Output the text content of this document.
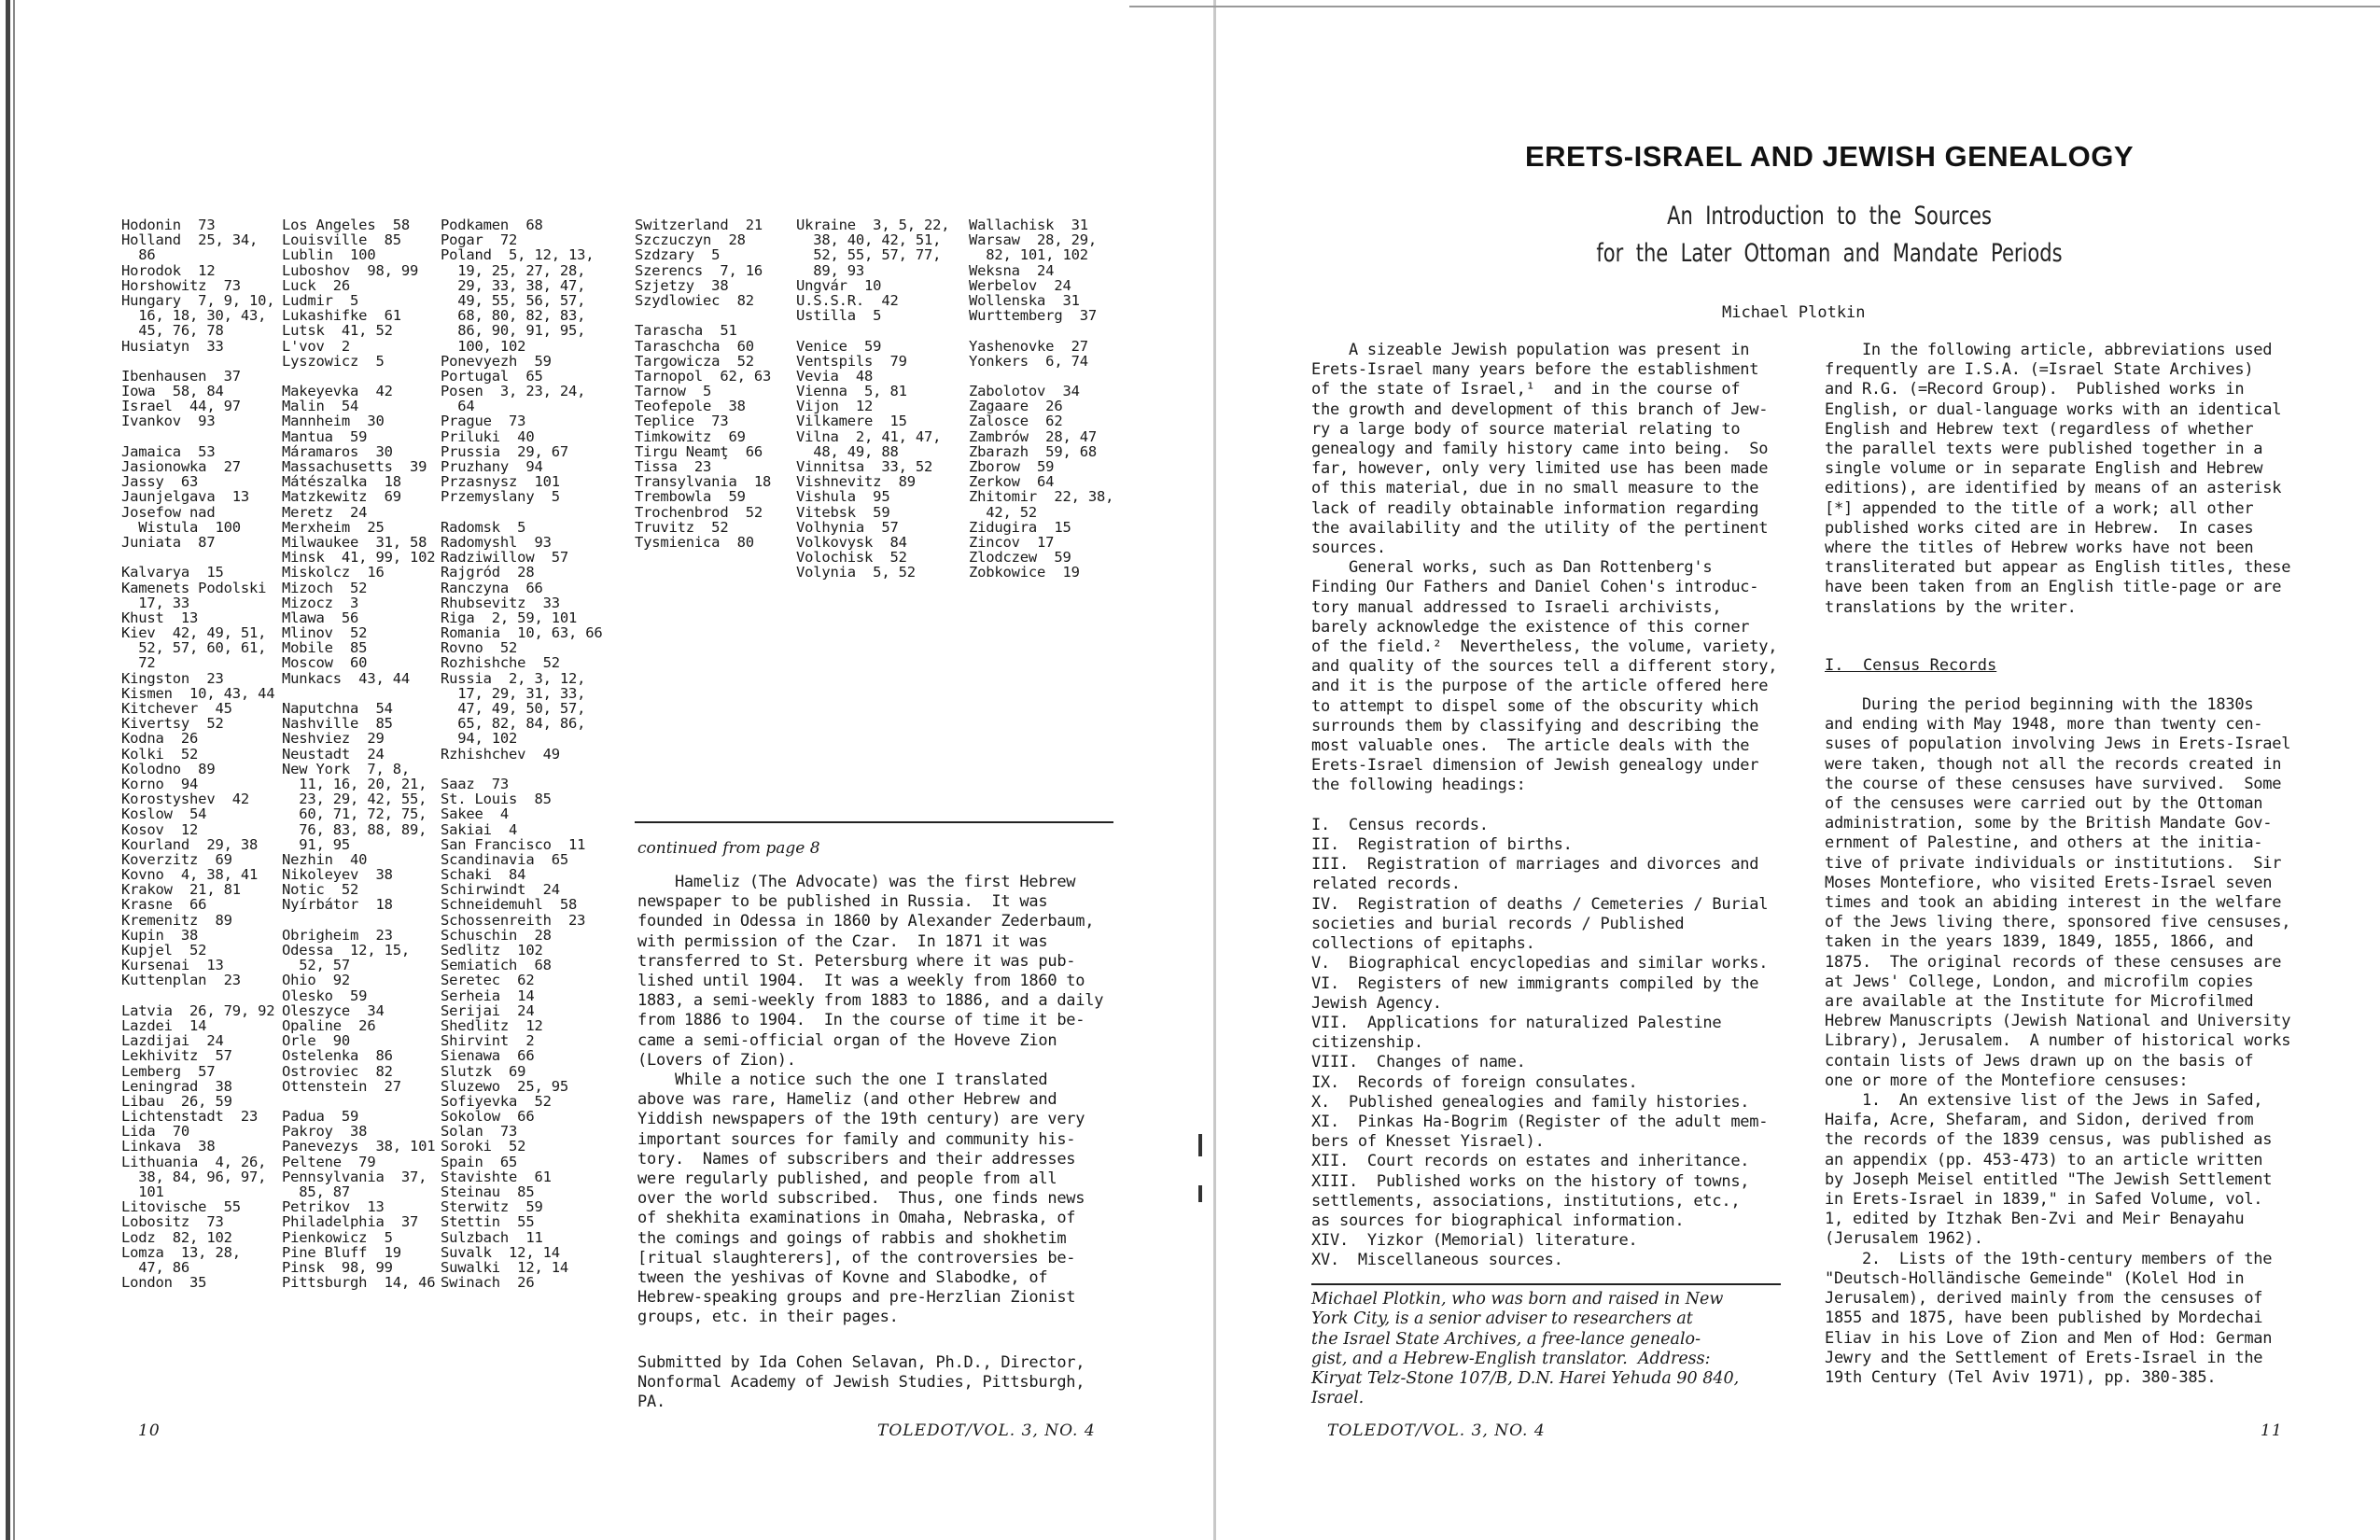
Hodonin  73
Holland  25, 34,
86
Horodok  12
Horshowitz  73
Hungary  7, 9, 10,
16, 18, 30, 43,
45, 76, 78
Husiatyn  33

Ibenhausen  37
Iowa  58, 84
Israel  44, 97
Ivankov  93

Jamaica  53
Jasionowka  27
Jassy  63
Jaunjelgava  13
Josefow nad
Wistula  100
Juniata  87

Kalvarya  15
Kamenets Podolski
17, 33
Khust  13
Kiev  42, 49, 51,
52, 57, 60, 61,
72
Kingston  23
Kismen  10, 43, 44
Kitchever  45
Kivertsy  52
Kodna  26
Kolki  52
Kolodno  89
Korno  94
Korostyshev  42
Koslow  54
Kosov  12
Kourland  29, 38
Koverzitz  69
Kovno  4, 38, 41
Krakow  21, 81
Krasne  66
Kremenitz  89
Kupin  38
Kupjel  52
Kursenai  13
Kuttenplan  23

Latvia  26, 79, 92
Lazdei  14
Lazdijai  24
Lekhivitz  57
Lemberg  57
Leningrad  38
Libau  26, 59
Lichtenstadt  23
Lida  70
Linkava  38
Lithuania  4, 26,
38, 84, 96, 97,
101
Litovische  55
Lobositz  73
Lodz  82, 102
Lomza  13, 28,
47, 86
London  35
Los Angeles  58
Louisville  85
Lublin  100
Luboshov  98, 99
Luck  26
Ludmir  5
Lukashifke  61
Lutsk  41, 52
L'vov  2
Lyszowicz  5

Makeyevka  42
Malin  54
Mannheim  30
Mantua  59
Máramaros  30
Massachusetts  39
Mátészalka  18
Matzkewitz  69
Meretz  24
Merxheim  25
Milwaukee  31, 58
Minsk  41, 99, 102
Miskolcz  16
Mizoch  52
Mizocz  3
Mlawa  56
Mlinov  52
Mobile  85
Moscow  60
Munkacs  43, 44

Naputchna  54
Nashville  85
Neshviez  29
Neustadt  24
New York  7, 8,
11, 16, 20, 21,
23, 29, 42, 55,
60, 71, 72, 75,
76, 83, 88, 89,
91, 95
Nezhin  40
Nikoleyev  38
Notic  52
Nyírbátor  18

Obrigheim  23
Odessa  12, 15,
52, 57
Ohio  92
Olesko  59
Oleszyce  34
Opaline  26
Orle  90
Ostelenka  86
Ostroviec  82
Ottenstein  27

Padua  59
Pakroy  38
Panevezys  38, 101
Peltene  79
Pennsylvania  37,
85, 87
Petrikov  13
Philadelphia  37
Pienkowicz  5
Pine Bluff  19
Pinsk  98, 99
Pittsburgh  14, 46
Podkamen  68
Pogar  72
Poland  5, 12, 13,
19, 25, 27, 28,
29, 33, 38, 47,
49, 55, 56, 57,
68, 80, 82, 83,
86, 90, 91, 95,
100, 102
Ponevyezh  59
Portugal  65
Posen  3, 23, 24,
64
Prague  73
Priluki  40
Prussia  29, 67
Pruzhany  94
Przasnysz  101
Przemyslany  5

Radomsk  5
Radomyshl  93
Radziwillow  57
Rajgród  28
Ranczyna  66
Rhubsevitz  33
Riga  2, 59, 101
Romania  10, 63, 66
Rovno  52
Rozhishche  52
Russia  2, 3, 12,
17, 29, 31, 33,
47, 49, 50, 57,
65, 82, 84, 86,
94, 102
Rzhishchev  49

Saaz  73
St. Louis  85
Sakee  4
Sakiai  4
San Francisco  11
Scandinavia  65
Schaki  84
Schirwindt  24
Schneidemuhl  58
Schossenreith  23
Schuschin  28
Sedlitz  102
Semiatich  68
Seretec  62
Serheia  14
Serijai  24
Shedlitz  12
Shirvint  2
Sienawa  66
Slutzk  69
Sluzewo  25, 95
Sofiyevka  52
Sokolow  66
Solan  73
Soroki  52
Spain  65
Stavishte  61
Steinau  85
Sterwitz  59
Stettin  55
Sulzbach  11
Suvalk  12, 14
Suwalki  12, 14
Swinach  26
Switzerland  21
Szczuczyn  28
Szdzary  5
Szerencs  7, 16
Szjetzy  38
Szydlowiec  82

Tarascha  51
Taraschcha  60
Targowicza  52
Tarnopol  62, 63
Tarnow  5
Teofepole  38
Teplice  73
Timkowitz  69
Tirgu Neamţ  66
Tissa  23
Transylvania  18
Trembowla  59
Trochenbrod  52
Truvitz  52
Tysmienica  80
Ukraine  3, 5, 22,
38, 40, 42, 51,
52, 55, 57, 77,
89, 93
Ungvár  10
U.S.S.R.  42
Ustilla  5

Venice  59
Ventspils  79
Vevia  48
Vienna  5, 81
Vijon  12
Vilkamere  15
Vilna  2, 41, 47,
48, 49, 88
Vinnitsa  33, 52
Vishnevitz  89
Vishula  95
Vitebsk  59
Volhynia  57
Volkovysk  84
Volochisk  52
Volynia  5, 52
Wallachisk  31
Warsaw  28, 29,
82, 101, 102
Weksna  24
Werbelov  24
Wollenska  31
Wurttemberg  37

Yashenovke  27
Yonkers  6, 74

Zabolotov  34
Zagaare  26
Zalosce  62
Zambrów  28, 47
Zbarazh  59, 68
Zborow  59
Zerkow  64
Zhitomir  22, 38,
42, 52
Zidugira  15
Zincov  17
Zlodczew  59
Zobkowice  19
continued from page 8
Hameliz (The Advocate) was the first Hebrew
newspaper to be published in Russia.  It was
founded in Odessa in 1860 by Alexander Zederbaum,
with permission of the Czar.  In 1871 it was
transferred to St. Petersburg where it was pub-
lished until 1904.  It was a weekly from 1860 to
1883, a semi-weekly from 1883 to 1886, and a daily
from 1886 to 1904.  In the course of time it be-
came a semi-official organ of the Hoveve Zion
(Lovers of Zion).
While a notice such the one I translated
above was rare, Hameliz (and other Hebrew and
Yiddish newspapers of the 19th century) are very
important sources for family and community his-
tory.  Names of subscribers and their addresses
were regularly published, and people from all
over the world subscribed.  Thus, one finds news
of shekhita examinations in Omaha, Nebraska, of
the comings and goings of rabbis and shokhetim
[ritual slaughterers], of the controversies be-
tween the yeshivas of Kovne and Slabodke, of
Hebrew-speaking groups and pre-Herzlian Zionist
groups, etc. in their pages.
Submitted by Ida Cohen Selavan, Ph.D., Director,
Nonformal Academy of Jewish Studies, Pittsburgh,
PA.
10	TOLEDOT/VOL. 3, NO. 4
ERETS-ISRAEL AND JEWISH GENEALOGY
An  Introduction  to  the  Sources
for  the  Later  Ottoman  and  Mandate  Periods
Michael Plotkin
A sizeable Jewish population was present in
Erets-Israel many years before the establishment
of the state of Israel,¹  and in the course of
the growth and development of this branch of Jew-
ry a large body of source material relating to
genealogy and family history came into being.  So
far, however, only very limited use has been made
of this material, due in no small measure to the
lack of readily obtainable information regarding
the availability and the utility of the pertinent
sources.
General works, such as Dan Rottenberg's
Finding Our Fathers and Daniel Cohen's introduc-
tory manual addressed to Israeli archivists,
barely acknowledge the existence of this corner
of the field.²  Nevertheless, the volume, variety,
and quality of the sources tell a different story,
and it is the purpose of the article offered here
to attempt to dispel some of the obscurity which
surrounds them by classifying and describing the
most valuable ones.  The article deals with the
Erets-Israel dimension of Jewish genealogy under
the following headings:

I.  Census records.
II.  Registration of births.
III.  Registration of marriages and divorces and
related records.
IV.  Registration of deaths / Cemeteries / Burial
societies and burial records / Published
collections of epitaphs.
V.  Biographical encyclopedias and similar works.
VI.  Registers of new immigrants compiled by the
Jewish Agency.
VII.  Applications for naturalized Palestine
citizenship.
VIII.  Changes of name.
IX.  Records of foreign consulates.
X.  Published genealogies and family histories.
XI.  Pinkas Ha-Bogrim (Register of the adult mem-
bers of Knesset Yisrael).
XII.  Court records on estates and inheritance.
XIII.  Published works on the history of towns,
settlements, associations, institutions, etc.,
as sources for biographical information.
XIV.  Yizkor (Memorial) literature.
XV.  Miscellaneous sources.
Michael Plotkin, who was born and raised in New
York City, is a senior adviser to researchers at
the Israel State Archives, a free-lance genealo-
gist, and a Hebrew-English translator.  Address:
Kiryat Telz-Stone 107/B, D.N. Harei Yehuda 90 840,
Israel.
In the following article, abbreviations used
frequently are I.S.A. (=Israel State Archives)
and R.G. (=Record Group).  Published works in
English, or dual-language works with an identical
English and Hebrew text (regardless of whether
the parallel texts were published together in a
single volume or in separate English and Hebrew
editions), are identified by means of an asterisk
[*] appended to the title of a work; all other
published works cited are in Hebrew.  In cases
where the titles of Hebrew works have not been
transliterated but appear as English titles, these
have been taken from an English title-page or are
translations by the writer.
I.  Census Records
During the period beginning with the 1830s
and ending with May 1948, more than twenty cen-
suses of population involving Jews in Erets-Israel
were taken, though not all the records created in
the course of these censuses have survived.  Some
of the censuses were carried out by the Ottoman
administration, some by the British Mandate Gov-
ernment of Palestine, and others at the initia-
tive of private individuals or institutions.  Sir
Moses Montefiore, who visited Erets-Israel seven
times and took an abiding interest in the welfare
of the Jews living there, sponsored five censuses,
taken in the years 1839, 1849, 1855, 1866, and
1875.  The original records of these censuses are
at Jews' College, London, and microfilm copies
are available at the Institute for Microfilmed
Hebrew Manuscripts (Jewish National and University
Library), Jerusalem.  A number of historical works
contain lists of Jews drawn up on the basis of
one or more of the Montefiore censuses:
1.  An extensive list of the Jews in Safed,
Haifa, Acre, Shefaram, and Sidon, derived from
the records of the 1839 census, was published as
an appendix (pp. 453-473) to an article written
by Joseph Meisel entitled "The Jewish Settlement
in Erets-Israel in 1839," in Safed Volume, vol.
1, edited by Itzhak Ben-Zvi and Meir Benayahu
(Jerusalem 1962).
2.  Lists of the 19th-century members of the
"Deutsch-Holländische Gemeinde" (Kolel Hod in
Jerusalem), derived mainly from the censuses of
1855 and 1875, have been published by Mordechai
Eliav in his Love of Zion and Men of Hod: German
Jewry and the Settlement of Erets-Israel in the
19th Century (Tel Aviv 1971), pp. 380-385.
TOLEDOT/VOL. 3, NO. 4	11
